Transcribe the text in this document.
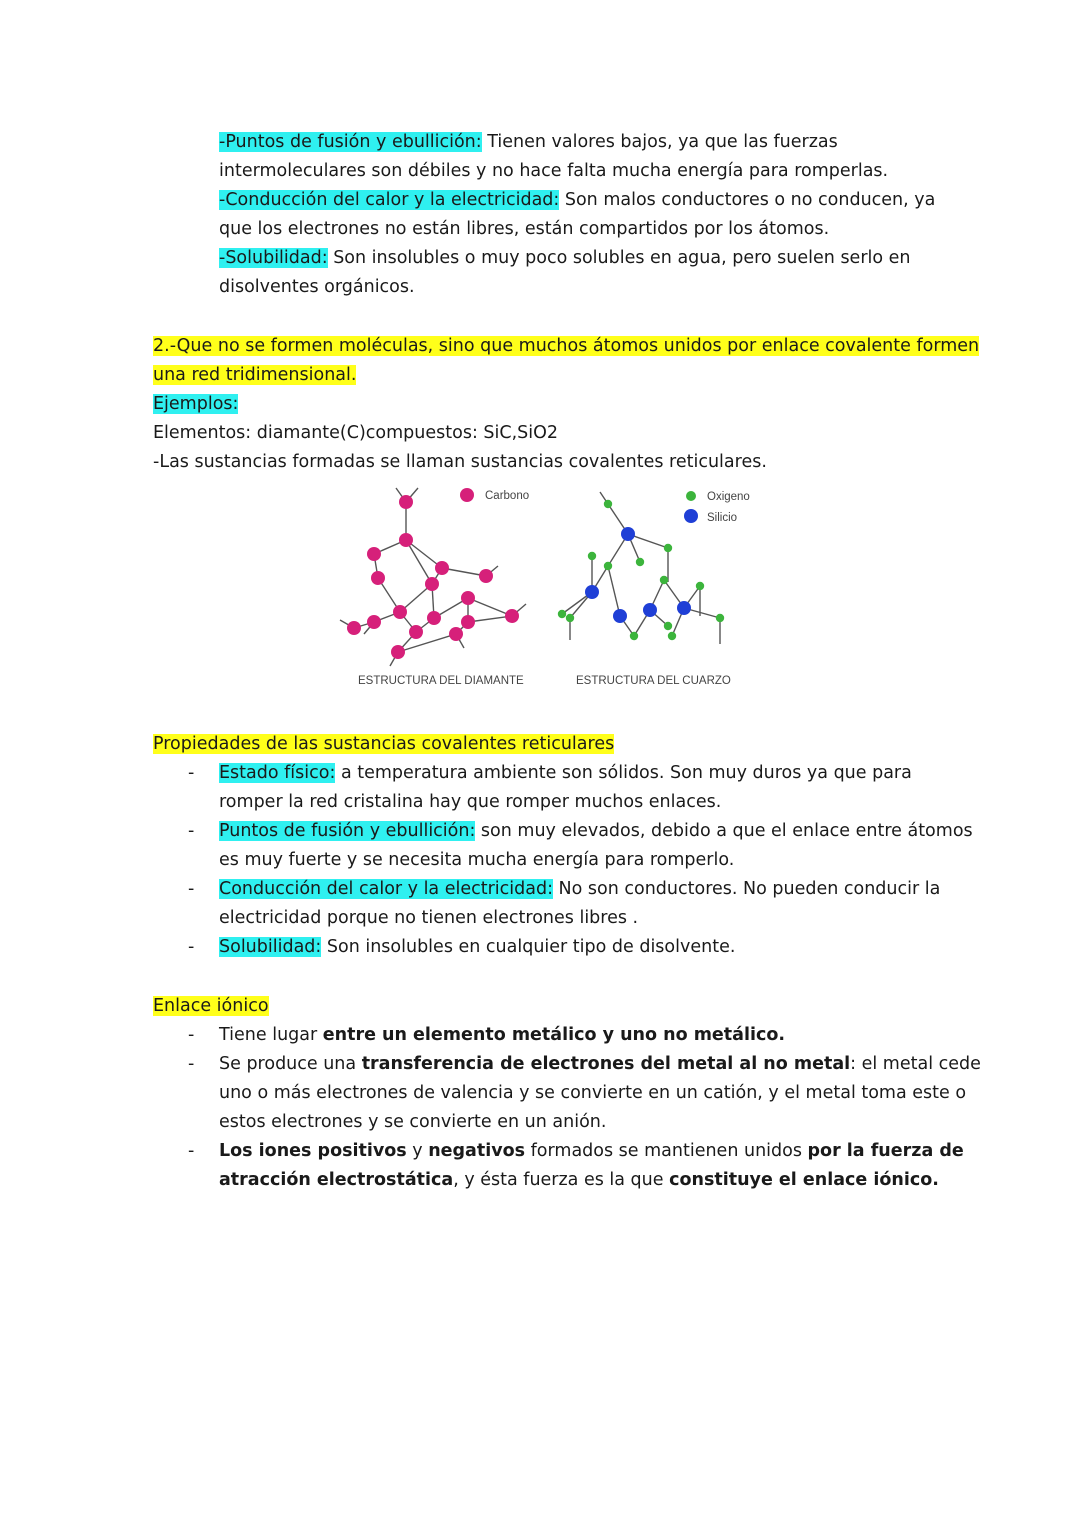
-Puntos de fusión y ebullición: Tienen valores bajos, ya que las fuerzas
intermoleculares son débiles y no hace falta mucha energía para romperlas.
-Conducción del calor y la electricidad: Son malos conductores o no conducen, ya
que los electrones no están libres, están compartidos por los átomos.
-Solubilidad: Son insolubles o muy poco solubles en agua, pero suelen serlo en
disolventes orgánicos.
2.-Que no se formen moléculas, sino que muchos átomos unidos por enlace covalente formen
una red tridimensional.
Ejemplos:
Elementos: diamante(C)compuestos: SiC,SiO2
-Las sustancias formadas se llaman sustancias covalentes reticulares.
Carbono	Oxigeno
Silicio
ESTRUCTURA DEL DIAMANTE	ESTRUCTURA DEL CUARZO
Propiedades de las sustancias covalentes reticulares
- Estado físico: a temperatura ambiente son sólidos. Son muy duros ya que para
romper la red cristalina hay que romper muchos enlaces.
- Puntos de fusión y ebullición: son muy elevados, debido a que el enlace entre átomos
es muy fuerte y se necesita mucha energía para romperlo.
- Conducción del calor y la electricidad: No son conductores. No pueden conducir la
electricidad porque no tienen electrones libres .
- Solubilidad: Son insolubles en cualquier tipo de disolvente.
Enlace iónico
- Tiene lugar entre un elemento metálico y uno no metálico.
- Se produce una transferencia de electrones del metal al no metal: el metal cede
uno o más electrones de valencia y se convierte en un catión, y el metal toma este o
estos electrones y se convierte en un anión.
- Los iones positivos y negativos formados se mantienen unidos por la fuerza de
atracción electrostática, y ésta fuerza es la que constituye el enlace iónico.
